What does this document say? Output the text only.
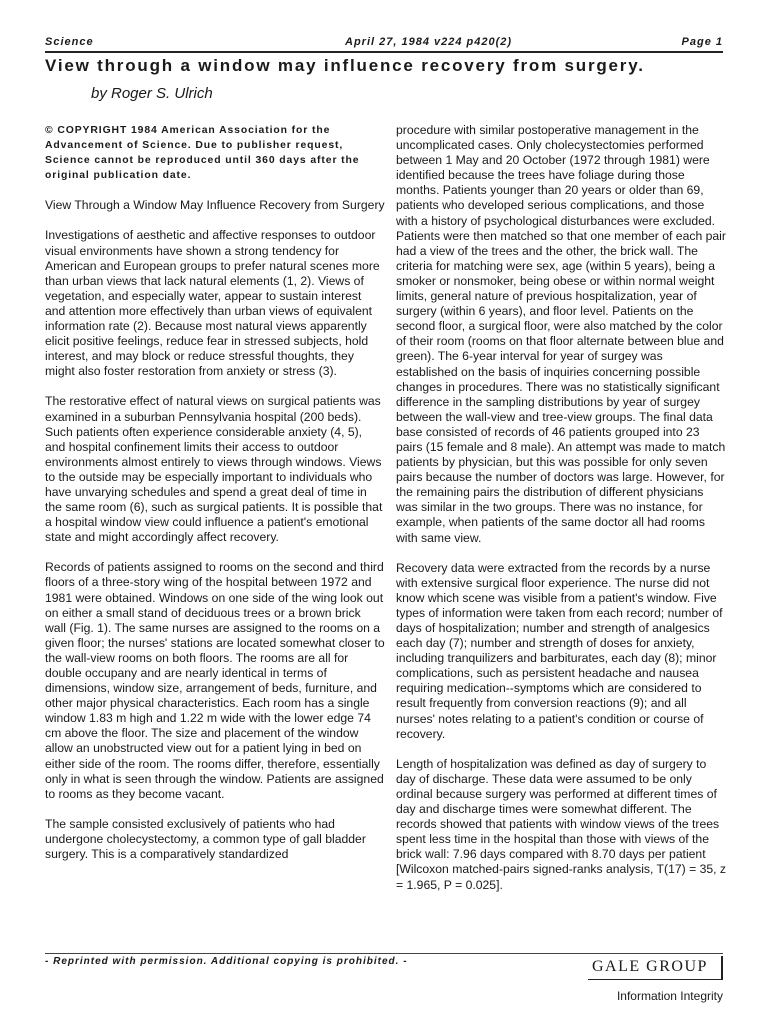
Science	April 27, 1984 v224 p420(2)	Page 1
View through a window may influence recovery from surgery.
by Roger S. Ulrich
© COPYRIGHT 1984 American Association for the Advancement of Science. Due to publisher request, Science cannot be reproduced until 360 days after the original publication date.

View Through a Window May Influence Recovery from Surgery

Investigations of aesthetic and affective responses to outdoor visual environments have shown a strong tendency for American and European groups to prefer natural scenes more than urban views that lack natural elements (1, 2). Views of vegetation, and especially water, appear to sustain interest and attention more effectively than urban views of equivalent information rate (2). Because most natural views apparently elicit positive feelings, reduce fear in stressed subjects, hold interest, and may block or reduce stressful thoughts, they might also foster restoration from anxiety or stress (3).

The restorative effect of natural views on surgical patients was examined in a suburban Pennsylvania hospital (200 beds). Such patients often experience considerable anxiety (4, 5), and hospital confinement limits their access to outdoor environments almost entirely to views through windows. Views to the outside may be especially important to individuals who have unvarying schedules and spend a great deal of time in the same room (6), such as surgical patients. It is possible that a hospital window view could influence a patient's emotional state and might accordingly affect recovery.

Records of patients assigned to rooms on the second and third floors of a three-story wing of the hospital between 1972 and 1981 were obtained. Windows on one side of the wing look out on either a small stand of deciduous trees or a brown brick wall (Fig. 1). The same nurses are assigned to the rooms on a given floor; the nurses' stations are located somewhat closer to the wall-view rooms on both floors. The rooms are all for double occupany and are nearly identical in terms of dimensions, window size, arrangement of beds, furniture, and other major physical characteristics. Each room has a single window 1.83 m high and 1.22 m wide with the lower edge 74 cm above the floor. The size and placement of the window allow an unobstructed view out for a patient lying in bed on either side of the room. The rooms differ, therefore, essentially only in what is seen through the window. Patients are assigned to rooms as they become vacant.

The sample consisted exclusively of patients who had undergone cholecystectomy, a common type of gall bladder surgery. This is a comparatively standardized

procedure with similar postoperative management in the uncomplicated cases. Only cholecystectomies performed between 1 May and 20 October (1972 through 1981) were identified because the trees have foliage during those months. Patients younger than 20 years or older than 69, patients who developed serious complications, and those with a history of psychological disturbances were excluded. Patients were then matched so that one member of each pair had a view of the trees and the other, the brick wall. The criteria for matching were sex, age (within 5 years), being a smoker or nonsmoker, being obese or within normal weight limits, general nature of previous hospitalization, year of surgery (within 6 years), and floor level. Patients on the second floor, a surgical floor, were also matched by the color of their room (rooms on that floor alternate between blue and green). The 6-year interval for year of surgey was established on the basis of inquiries concerning possible changes in procedures. There was no statistically significant difference in the sampling distributions by year of surgey between the wall-view and tree-view groups. The final data base consisted of records of 46 patients grouped into 23 pairs (15 female and 8 male). An attempt was made to match patients by physician, but this was possible for only seven pairs because the number of doctors was large. However, for the remaining pairs the distribution of different physicians was similar in the two groups. There was no instance, for example, when patients of the same doctor all had rooms with same view.

Recovery data were extracted from the records by a nurse with extensive surgical floor experience. The nurse did not know which scene was visible from a patient's window. Five types of information were taken from each record; number of days of hospitalization; number and strength of analgesics each day (7); number and strength of doses for anxiety, including tranquilizers and barbiturates, each day (8); minor complications, such as persistent headache and nausea requiring medication--symptoms which are considered to result frequently from conversion reactions (9); and all nurses' notes relating to a patient's condition or course of recovery.

Length of hospitalization was defined as day of surgery to day of discharge. These data were assumed to be only ordinal because surgery was performed at different times of day and discharge times were somewhat different. The records showed that patients with window views of the trees spent less time in the hospital than those with views of the brick wall: 7.96 days compared with 8.70 days per patient [Wilcoxon matched-pairs signed-ranks analysis, T(17) = 35, z = 1.965, P = 0.025].

- Reprinted with permission. Additional copying is prohibited. -	GALE GROUP
Information Integrity
